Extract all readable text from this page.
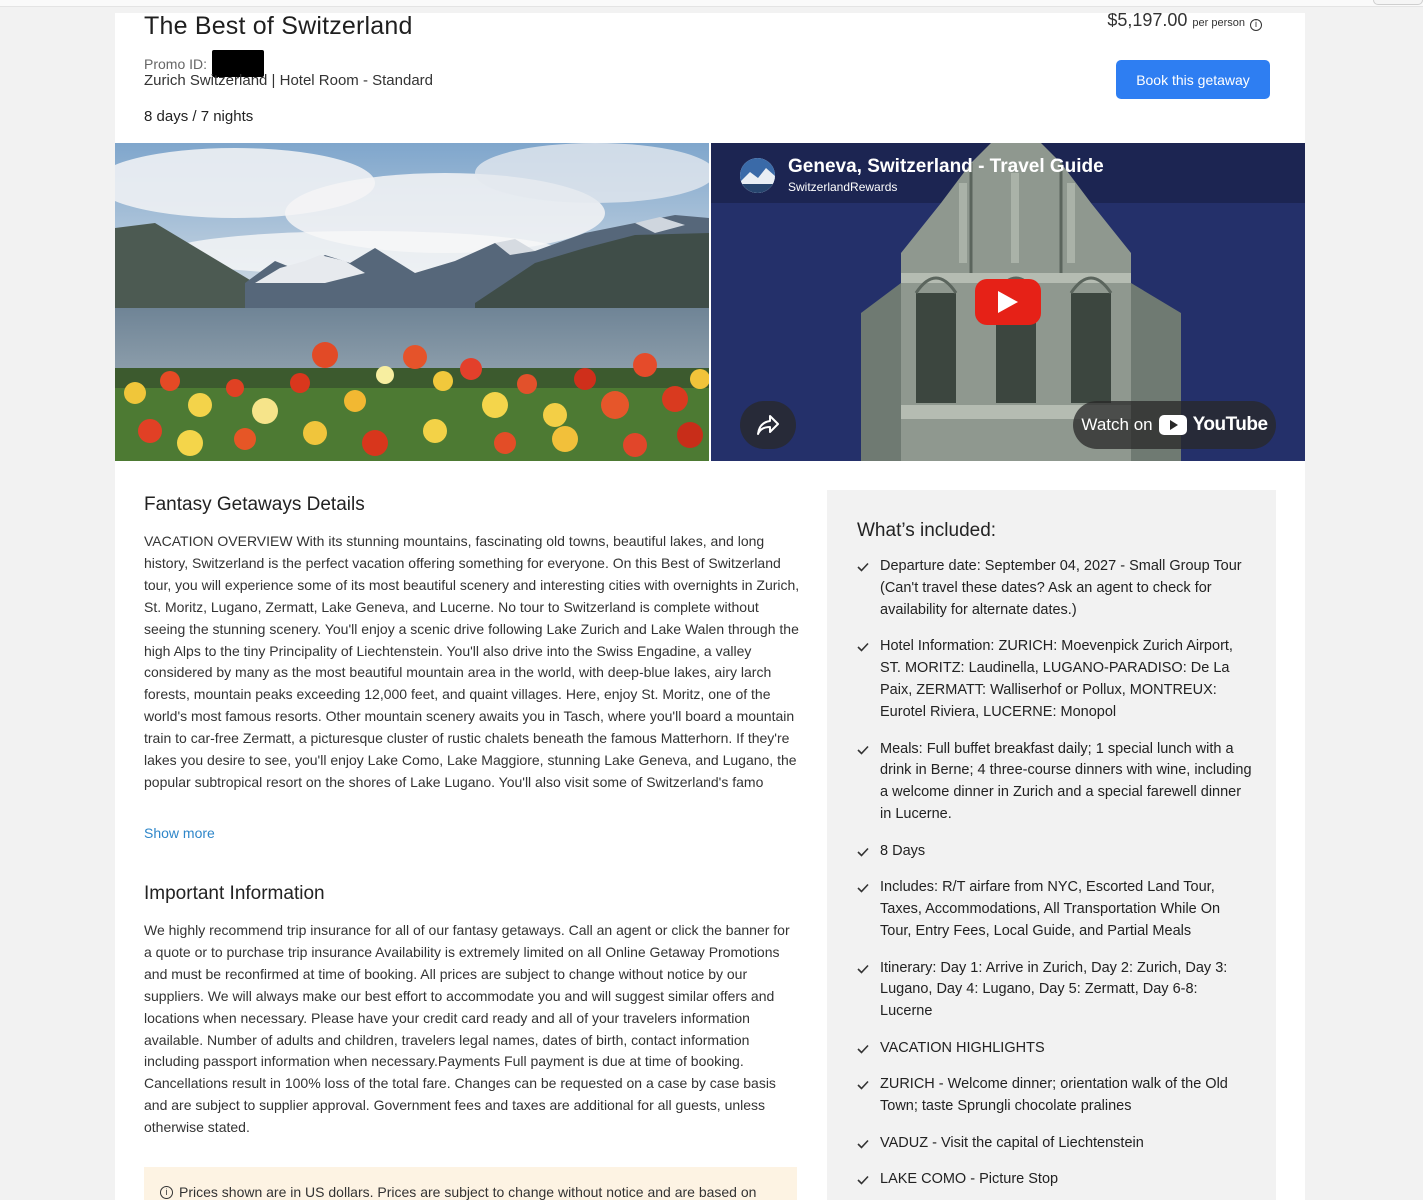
The Best of Switzerland
Promo ID:
Zurich Switzerland | Hotel Room - Standard
8 days / 7 nights
$5,197.00 per person	i
Book this getaway
Geneva, Switzerland - Travel Guide
SwitzerlandRewards
Watch on YouTube
Fantasy Getaways Details

VACATION OVERVIEW With its stunning mountains, fascinating old towns, beautiful lakes, and long history, Switzerland is the perfect vacation offering something for everyone. On this Best of Switzerland tour, you will experience some of its most beautiful scenery and interesting cities with overnights in Zurich, St. Moritz, Lugano, Zermatt, Lake Geneva, and Lucerne. No tour to Switzerland is complete without seeing the stunning scenery. You'll enjoy a scenic drive following Lake Zurich and Lake Walen through the high Alps to the tiny Principality of Liechtenstein. You'll also drive into the Swiss Engadine, a valley considered by many as the most beautiful mountain area in the world, with deep-blue lakes, airy larch forests, mountain peaks exceeding 12,000 feet, and quaint villages. Here, enjoy St. Moritz, one of the world's most famous resorts. Other mountain scenery awaits you in Tasch, where you'll board a mountain train to car-free Zermatt, a picturesque cluster of rustic chalets beneath the famous Matterhorn. If they're lakes you desire to see, you'll enjoy Lake Como, Lake Maggiore, stunning Lake Geneva, and Lugano, the popular subtropical resort on the shores of Lake Lugano. You'll also visit some of Switzerland's famo

Show more
Important Information

We highly recommend trip insurance for all of our fantasy getaways. Call an agent or click the banner for a quote or to purchase trip insurance Availability is extremely limited on all Online Getaway Promotions and must be reconfirmed at time of booking. All prices are subject to change without notice by our suppliers. We will always make our best effort to accommodate you and will suggest similar offers and locations when necessary. Please have your credit card ready and all of your travelers information available. Number of adults and children, travelers legal names, dates of birth, contact information including passport information when necessary.Payments Full payment is due at time of booking. Cancellations result in 100% loss of the total fare. Changes can be requested on a case by case basis and are subject to supplier approval. Government fees and taxes are additional for all guests, unless otherwise stated.

i Prices shown are in US dollars. Prices are subject to change without notice and are based on
What’s included:
Departure date: September 04, 2027 - Small Group Tour (Can't travel these dates? Ask an agent to check for availability for alternate dates.)
Hotel Information: ZURICH: Moevenpick Zurich Airport, ST. MORITZ: Laudinella, LUGANO-PARADISO: De La Paix, ZERMATT: Walliserhof or Pollux, MONTREUX: Eurotel Riviera, LUCERNE: Monopol
Meals: Full buffet breakfast daily; 1 special lunch with a drink in Berne; 4 three-course dinners with wine, including a welcome dinner in Zurich and a special farewell dinner in Lucerne.
8 Days
Includes: R/T airfare from NYC, Escorted Land Tour, Taxes, Accommodations, All Transportation While On Tour, Entry Fees, Local Guide, and Partial Meals
Itinerary: Day 1: Arrive in Zurich, Day 2: Zurich, Day 3: Lugano, Day 4: Lugano, Day 5: Zermatt, Day 6-8: Lucerne
VACATION HIGHLIGHTS
ZURICH - Welcome dinner; orientation walk of the Old Town; taste Sprungli chocolate pralines
VADUZ - Visit the capital of Liechtenstein
LAKE COMO - Picture Stop
